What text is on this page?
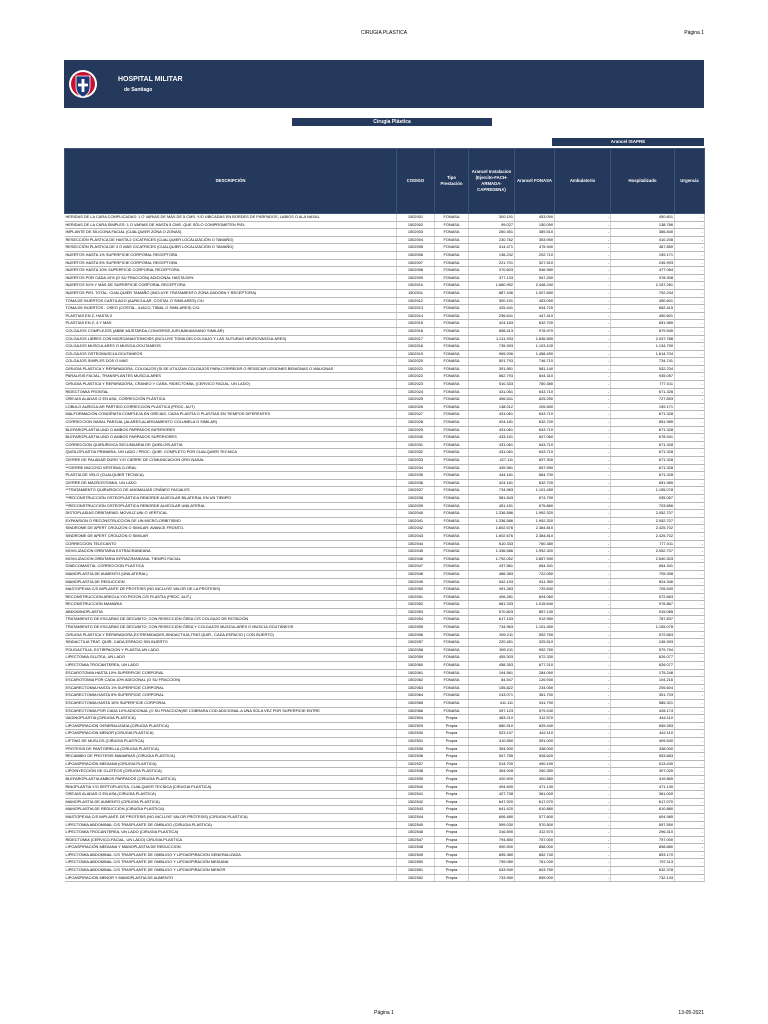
CIRUGIA PLASTICA	Página 1
HOSPITAL MILITAR
de Santiago
Cirugía Plástica
Arancel ISAPRE
DESCRIPCIÓN	CODIGO	Tipo Prestación	Arancel Instalacion (Ejercito-FACH-ARMADA-CAPREDENA)	Arancel FONASA	Ambulatorio	Hospitalizado	Urgencia
HERIDAS DE LA CARA COMPLICADAS: 1 O VARIAS DE MÁS DE 5 CMS. Y/O UBICADAS EN BORDES DE PÁRPADOS, LABIOS O ALA NASAL	1502001	FONASA	300.191	453.090	-	450.601	-
HERIDAS DE LA CARA SIMPLES: 1 O VARIAS DE HASTA 5 CMS. QUE SÓLO COMPROMETEN PIEL	1502002	FONASA	99.027	150.090	-	138.786	-
IMPLANTE DE SILICONA FACIAL (CUALQUIER ZONA O ZONAS)	1502003	FONASA	260.451	389.510	-	366.840	-
RESECCIÓN PLÁSTICA DE HASTA 2 CICATRICES (CUALQUIER LOCALIZACIÓN O TAMAÑO)	1502004	FONASA	230.762	353.950	-	410.208	-
RESECCIÓN PLÁSTICA DE 3 O MÁS CICATRICES (CUALQUIER LOCALIZACIÓN O TAMAÑO)	1502005	FONASA	314.471	475.940	-	487.850	-
INJERTOS HASTA 1% SUPERFICIE CORPORAL RECEPTORA	1502006	FONASA	136.232	202.710	-	159.171	-
INJERTOS HASTA 5% SUPERFICIE CORPORAL RECEPTORA	1502007	FONASA	221.701	327.510	-	245.993	-
INJERTOS HASTA 10% SUPERFICIE CORPORAL RECEPTORA	1502008	FONASA	370.603	546.980	-	477.084	-
INJERTOS POR CADA 10% (O SU FRACCIÓN) ADICIONAL HASTA 50%	1502009	FONASA	377.133	547.250	-	378.308	-
INJERTOS 51% Y MÁS DE SUPERFICIE CORPORAL RECEPTORA	1502010	FONASA	1.660.952	2.448.240	-	2.157.261	-
INJERTOS PIEL TOTAL, CUALQUIER TAMAÑO (INCLUYE TRATAMIENTO ZONA DADORA Y RECEPTORA)	1502011	FONASA	687.436	1.007.650	-	792.244	-
TOMA DE INJERTOS CARTILAGO (AURICULAR, COSTAL O SIMILARES) C/U	1502012	FONASA	300.191	453.090	-	450.601	-
TOMA DE INJERTOS - OSEO (COSTAL, ILIACO, TIBIAL O SIMILARES) C/U.	1502013	FONASA	425.441	634.720	-	662.415	-
PLASTIAS EN Z, HASTA 3	1502014	FONASA	296.641	447.410	-	450.601	-
PLASTIAS EN Z, 4 Y MAS	1502015	FONASA	424.183	632.700	-	651.985	-
COLGAJOS COMPLEJOS (ABBE,MUSTARDA,CONVERSE,JURI,BAKAMJIANO SIMILAR)	1502016	FONASA	658.413	978.970	-	879.545	-
COLGAJOS LIBRES CON MICROANASTOMOSIS (INCLUYE TOMA DELCOLGAJO Y LAS SUTURAS NEUROVASCULARES)	1502017	FONASA	1.211.933	1.836.550	-	2.037.788	-
COLGAJOS MUSCULARES O MUSCULOCUTANEOS	1502018	FONASA	735.993	1.103.100	-	1.134.790	-
COLGAJOS OSTEOMUSCULOCUTANEOS	1502019	FONASA	969.206	1.458.490	-	1.614.704	-
COLGAJOS SIMPLES DOS O MAS	1502020	FONASA	501.793	746.710	-	734.741	-
CIRUGIA PLASTICA Y REPARADORA, COLGAJOS (SI SE UTILIZAN COLGAJOS PARA CORREGIR O RESECAR LESIONES BENIGNAS O MALIGNAS	1502021	FONASA	391.951	581.140	-	532.234	-
PARALISIS FACIAL, TRANSPLANTES MUSCULARES	1502022	FONASA	562.793	844.310	-	935.057	-
CIRUGIA PLASTICA Y REPARADORA, CRANEO Y CARA, RIDECTOMIA, (CERVICO FACIAL, UN LADO)	1502023	FONASA	510.333	760.380	-	777.011	-
RIDECTOMIA FRONTAL	1502024	FONASA	431.061	643.710	-	671.328	-
OREJAS ALADAS O EN ASA, CORRECCIÓN PLÁSTICA	1502025	FONASA	406.541	625.250	-	727.893	-
LOBULO AURICULAR PARTIDO,CORRECCION PLASTICA (PROC. AUT)	1502026	FONASA	138.012	205.550	-	159.171	-
MALFORMACIÓN CONGÉNITA COMPLEJA EN OREJAS, CADA PLASTÍA O PLASTÍAS EN TIEMPOS DIFERENTES	1502027	FONASA	431.061	643.710	-	671.328	-
CORRECCION NASAL PARCIAL (ALARES,ALARGAMIENTO COLUMELA O SIMILAR)	1502028	FONASA	424.181	632.700	-	651.985	-
BLEFAROPLASTIA UNO O AMBOS PARPADOS INFERIORES	1502029	FONASA	431.061	643.710	-	671.328	-
BLEFAROPLASTIA UNO O AMBOS PARPADOS SUPERIORES	1502030	FONASA	433.151	647.060	-	678.941	-
CORRECCION QUIRURGICA SECUNDARIA DE QUEILOPLASTIA	1502031	FONASA	431.061	643.710	-	671.328	-
QUEILOPLASTIA PRIMARIA, UN LADO / PROC. QUIR. COMPLETO POR CUALQUIER TECNICA	1502032	FONASA	431.061	643.710	-	671.328	-
CIERRE DE PALADAR DURO Y/O CIERRE DE COMUNICACION ORO-NASAL	1502033	FONASA	427.111	637.300	-	671.328	-
**CIERRE MUCOSO VESTIBULO-ORAL	1502034	FONASA	439.981	657.990	-	671.328	-
PLASTIA DE VELO (CUALQUIER TECNICA)	1502035	FONASA	444.181	664.700	-	671.328	-
CIERRE DE MACROSTOMIA, UN LADO	1502036	FONASA	424.181	632.700	-	651.985	-
**TRATAMIENTO QUIRURGICO DE ANOMALÍAS CRÁNEO FACIALES	1502037	FONASA	734.963	1.101.450	-	1.155.078	-
**RECONSTRUCCIÓN OSTEOPLÁSTICA REBORDE ALVEOLAR BILATERAL EN UN TIEMPO	1502038	FONASA	581.843	874.790	-	935.057	-
**RECONSTRUCCIÓN OSTEOPLÁSTICA REBORDE ALVEOLAR UNILATERAL	1502039	FONASA	451.151	675.860	-	703.656	-
DISTOPLASIAS ORBITARIAS: MOVILIZ.UNI O VERTICAL	1502040	FONASA	1.336.586	1.992.320	-	2.052.707	-
EXPANSION O RECONSTRUCCION DE UN MICRO-ORBITISMO	1502041	FONASA	1.336.586	1.992.320	-	2.052.707	-
SINDROME DE APERT CROUZON O SIMILAR: AVANCE FRONTO-	1502042	FONASA	1.602.676	2.384.810	-	2.425.702	-
SINDROME DE APERT CROUZON O SIMILAR	1502043	FONASA	1.602.676	2.384.810	-	2.425.702	-
CORRECCION TELECANTO	1502044	FONASA	510.333	760.380	-	777.011	-
MOVILIZACION ORBITARIA EXTRACRANEANA	1502045	FONASA	1.336.586	1.992.320	-	2.052.707	-
MOVILIZACION ORBITARIA INTRACRANEANA, TIEMPO FACIAL	1502046	FONASA	1.792.052	2.657.990	-	2.540.303	-
GINECOMASTIA. CORRECCION PLASTICA	1502047	FONASA	437.561	654.341	-	654.341	-
MAMOPLASTIA DE AUMENTO (UNILATERAL)	1502048	FONASA	486.383	722.050	-	705.398	-
MAMOPLASTIA DE REDUCCION	1502049	FONASA	542.193	811.350	-	824.346	-
MASTOPEXIA C/S IMPLANTE DE PROTESIS (NO INCLUYE VALOR DE LA PROTESIS)	1502050	FONASA	491.283	729.830	-	705.539	-
RECONSTRUCCION AREOLA Y/O PEZON C/S PLASTIA (PROC. AUT.)	1502051	FONASA	406.281	604.060	-	572.663	-
RECONSTRUCCION MAMARIA	1502052	FONASA	681.333	1.015.640	-	976.867	-
ABDOMINOPLASTIA	1502053	FONASA	570.803	857.130	-	915.085	-
TRATAMIENTO DE ESCARAS DE DECUBITO, CON RESECCIÓN ÓSEA C/S COLGAJO DE ROTACIÓN	1502054	FONASA	617.153	912.950	-	787.837	-
TRATAMIENTO DE ESCARAS DE DECUBITO, CON RESECCIÓN ÓSEA Y COLGAJOS MUSCULARES O MUSCULOCUTÁNEOS	1502055	FONASA	734.963	1.101.450	-	1.155.078	-
CIRUGIA PLASTICA Y REPARADORA,EXTREMIDADES,SINDACTILIA,TRAT.QUIR., CADA ESPACIO ( CON INJERTO)	1502056	FONASA	399.211	592.750	-	572.663	-
SINDACTILIA TRAT. QUIR. CADA ESPACIO SIN INJERTO	1502057	FONASA	220.451	325.510	-	245.993	-
POLIDACTILIA, EXTIRPACION Y PLASTIA UN LADO	1502058	FONASA	399.211	592.750	-	579.794	-
LIPECTOMIA GLUTEA, UN LADO	1502059	FONASA	455.303	672.330	-	626.077	-
LIPECTOMIA TROCANTEREA, UN LADO	1502060	FONASA	458.353	677.210	-	626.077	-
ESCAROTOMIA HASTA 10% SUPERFICIE CORPORAL	1502061	FONASA	194.561	284.090	-	175.248	-
ESCAROTOMIA POR CADA 10% ADICIONAL (O SU FRACCION)	1502062	FONASA	84.547	126.930	-	104.216	-
ESCARECTOMIA HASTA 1% SUPERFICIE CORPORAL	1502063	FONASA	155.822	234.050	-	205.604	-
ESCARECTOMIA HASTA 5% SUPERFICIE CORPORAL	1502064	FONASA	243.071	361.700	-	301.703	-
ESCARECTOMIA HASTA 10% SUPERFICIE CORPORAL	1502065	FONASA	411.111	611.790	-	585.321	-
ESCARECTOMIA POR CADA 10% ADICIONAL (O SU FRACCION)SE COBRARA COD ADICIONAL A UNA SOLA VEZ POR SUPERFICIE ENTRE	1502066	FONASA	397.123	579.240	-	428.174	-
VAGINOPLASTIA (CIRUGIA PLASTICA)	1502504	Propia	483.210	312.570	-	444.110	-
LIPOASPIRACION GENERALIZADA (CIRUGIA PLASTICA)	1502529	Propia	680.910	629.440	-	659.283	-
LIPOASPIRACION MENOR (CIRUGIA PLASTICA)	1502530	Propia	523.137	442.110	-	442.110	-
LIFTING DE MUSLOS (CIRUGIA PLASTICA)	1502531	Propia	410.550	391.000	-	409.540	-
PROTESIS DE PANTORRILLA (CIRUGIA PLASTICA)	1502535	Propia	354.900	338.000	-	338.000	-
RECAMBIO DE PROTESIS MAMARIAS (CIRUGIA PLASTICA)	1502536	Propia	547.785	528.620	-	553.683	-
LIPOASPIRACIÓN MEDIANA (CIRUGIA PLASTICA)	1502537	Propia	514.700	490.190	-	513.430	-
LIPOINYECCIÓN DE GLÚTEOS (CIRUGIA PLASTICA)	1502538	Propia	354.928	260.350	-	307.025	-
BLEFAROPLASTIA AMBOS PARPADOS (CIRUGIA PLASTICA)	1502539	Propia	420.900	400.860	-	419.865	-
RINOPLASTIA Y/O SEPTOPLASTIA, CUALQUIER TECNICA (CIRUGIA PLASTICA)	1502540	Propia	494.690	471.130	-	471.130	-
OREJAS ALADAS O EN ASA (CIRUGIA PLASTICA)	1502541	Propia	427.738	361.000	-	361.000	-
MAMOPLASTIA DE AUMENTO (CIRUGIA PLASTICA)	1502542	Propia	647.920	617.070	-	617.070	-
MAMOPLASTIA DE REDUCCION (CIRUGIA PLASTICA)	1502543	Propia	641.420	610.880	-	610.880	-
MASTOPEXIA C/S IMPLANTE DE PROTESIS (NO INCLUYE VALOR PROTESIS) (CIRUGIA PLASTICA)	1502544	Propia	606.480	577.600	-	604.985	-
LIPECTOMIA ABDOMINAL C/S TRASPLANTE DE OMBLIGO (CIRUGIA PLASTICA)	1502545	Propia	599.030	570.500	-	597.550	-
LIPECTOMIA TROCANTEREA, UN LADO (CIRUGIA PLASTICA)	1502546	Propia	316.590	312.570	-	296.310	-
RIDECTOMIA (CERVICO-FACIAL, UN LADO) CIRUGIA PLASTICA	1502547	Propia	794.850	757.000	-	757.000	-
LIPOASPIRACIÓN MEDIANA Y MAMOPLASTIA DE REDUCCION	1502548	Propia	900.900	858.000	-	898.680	-
LIPECTOMIA ABDOMINAL C/S TRASPLANTE DE OMBLIGO Y LIPOASPIRACION GENERALIZADA	1502549	Propia	895.380	852.740	-	893.170	-
LIPECTOMIA ABDOMINAL C/S TRASPLANTE DE OMBLIGO Y LIPOASPIRACIÓN MEDIANA	1502550	Propia	799.080	761.030	-	797.113	-
LIPECTOMIA ABDOMINAL C/S TRASPLANTE DE OMBLIGO Y LIPOASPIRACION MENOR	1502551	Propia	633.940	603.750	-	632.378	-
LIPOASPIRACION MENOR Y MAMOPLASTIA DE AUMENTO	1502552	Propia	733.950	699.000	-	732.143	-
Página 1	13-05-2021
